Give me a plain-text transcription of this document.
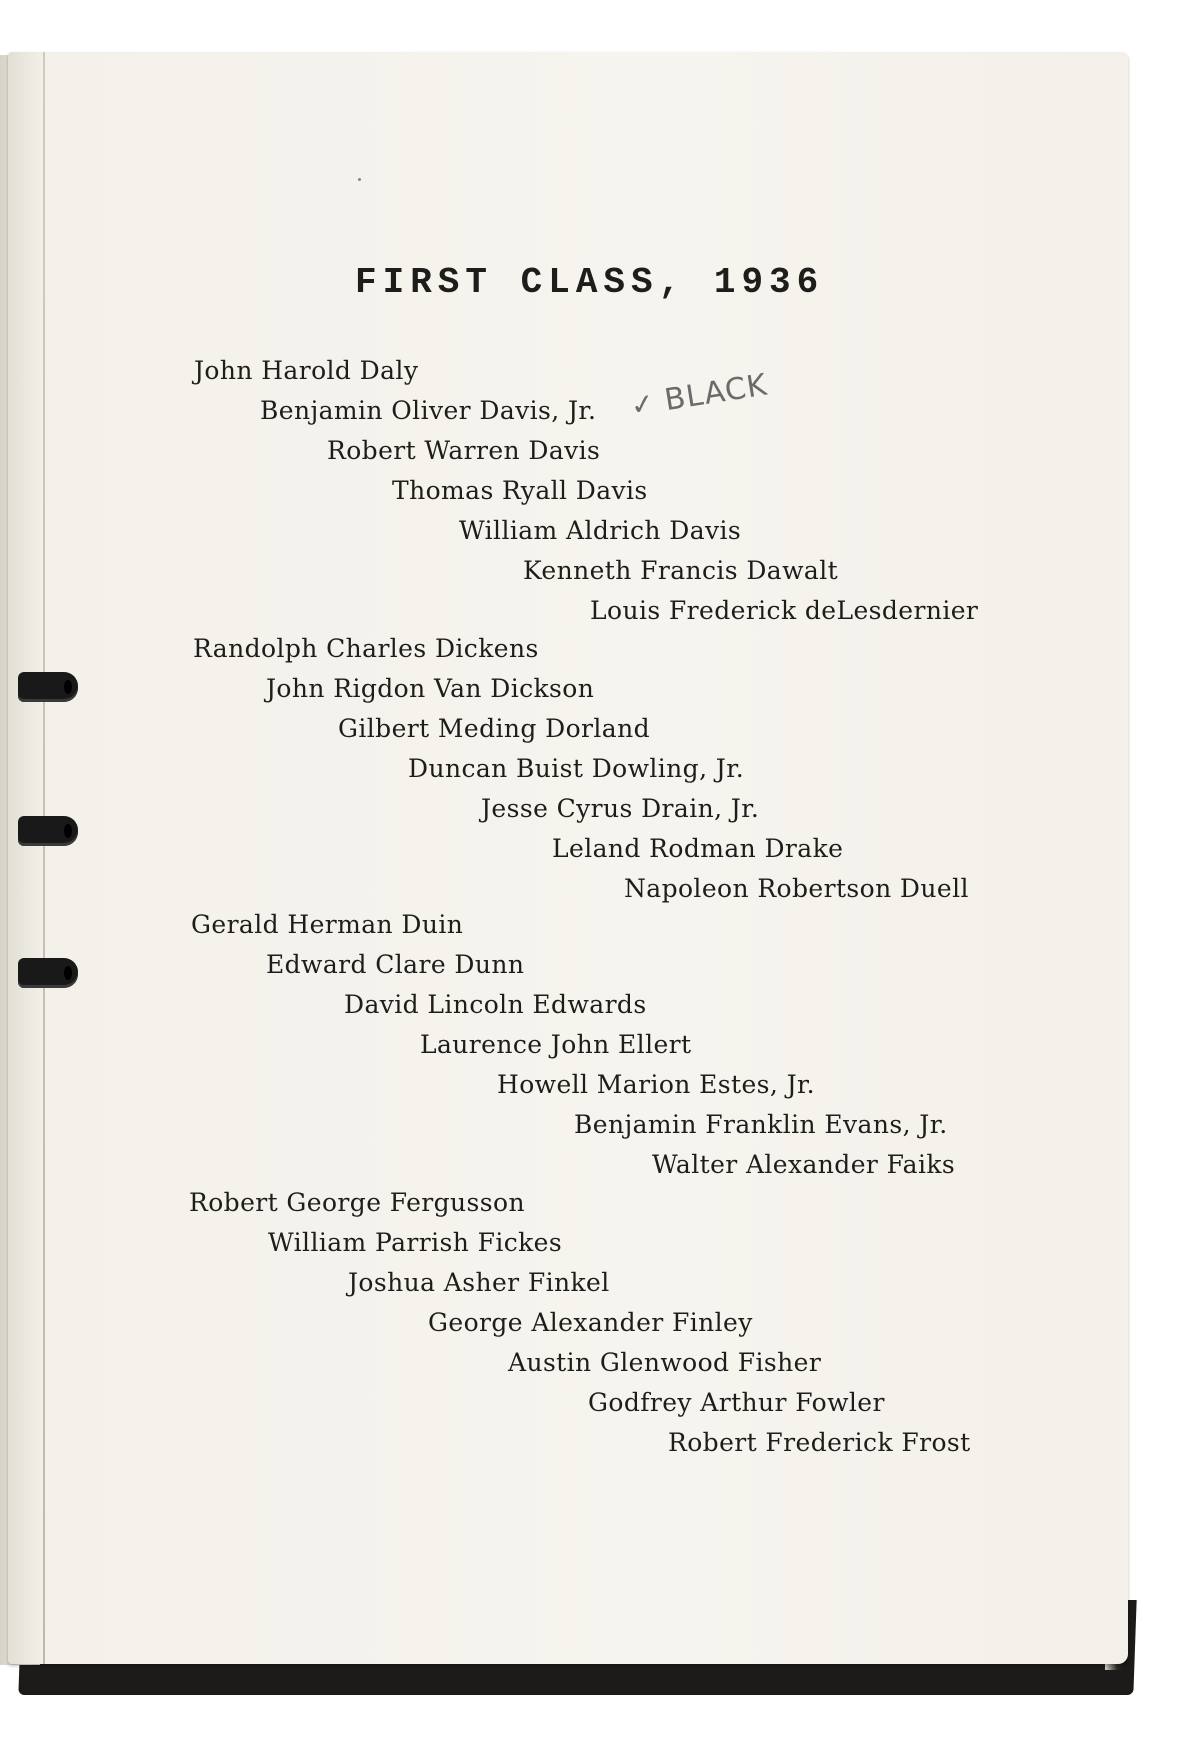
FIRST CLASS, 1936
John Harold Daly
Benjamin Oliver Davis, Jr.
Robert Warren Davis
Thomas Ryall Davis
William Aldrich Davis
Kenneth Francis Dawalt
Louis Frederick deLesdernier
Randolph Charles Dickens
John Rigdon Van Dickson
Gilbert Meding Dorland
Duncan Buist Dowling, Jr.
Jesse Cyrus Drain, Jr.
Leland Rodman Drake
Napoleon Robertson Duell
Gerald Herman Duin
Edward Clare Dunn
David Lincoln Edwards
Laurence John Ellert
Howell Marion Estes, Jr.
Benjamin Franklin Evans, Jr.
Walter Alexander Faiks
Robert George Fergusson
William Parrish Fickes
Joshua Asher Finkel
George Alexander Finley
Austin Glenwood Fisher
Godfrey Arthur Fowler
Robert Frederick Frost
✓ BLACK
